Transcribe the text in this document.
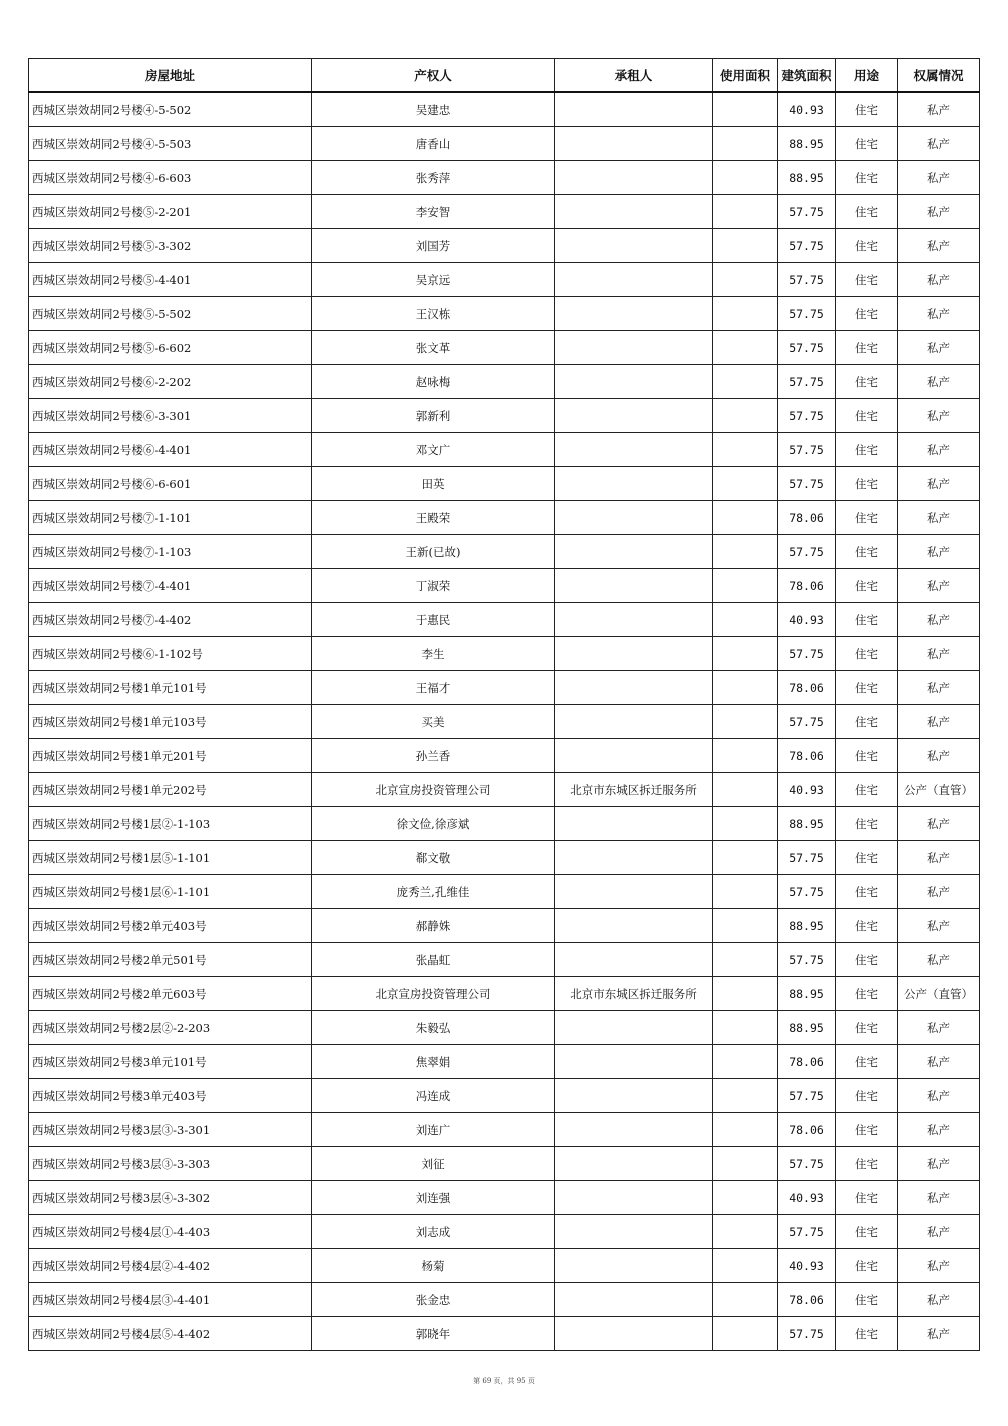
房屋地址	产权人	承租人	使用面积	建筑面积	用途	权属情况
西城区崇效胡同2号楼④-5-502	吴建忠			40.93	住宅	私产
西城区崇效胡同2号楼④-5-503	唐香山			88.95	住宅	私产
西城区崇效胡同2号楼④-6-603	张秀萍			88.95	住宅	私产
西城区崇效胡同2号楼⑤-2-201	李安智			57.75	住宅	私产
西城区崇效胡同2号楼⑤-3-302	刘国芳			57.75	住宅	私产
西城区崇效胡同2号楼⑤-4-401	吴京远			57.75	住宅	私产
西城区崇效胡同2号楼⑤-5-502	王汉栋			57.75	住宅	私产
西城区崇效胡同2号楼⑤-6-602	张文革			57.75	住宅	私产
西城区崇效胡同2号楼⑥-2-202	赵咏梅			57.75	住宅	私产
西城区崇效胡同2号楼⑥-3-301	郭新利			57.75	住宅	私产
西城区崇效胡同2号楼⑥-4-401	邓文广			57.75	住宅	私产
西城区崇效胡同2号楼⑥-6-601	田英			57.75	住宅	私产
西城区崇效胡同2号楼⑦-1-101	王殿荣			78.06	住宅	私产
西城区崇效胡同2号楼⑦-1-103	王新(已故)			57.75	住宅	私产
西城区崇效胡同2号楼⑦-4-401	丁淑荣			78.06	住宅	私产
西城区崇效胡同2号楼⑦-4-402	于惠民			40.93	住宅	私产
西城区崇效胡同2号楼⑥-1-102号	李生			57.75	住宅	私产
西城区崇效胡同2号楼1单元101号	王福才			78.06	住宅	私产
西城区崇效胡同2号楼1单元103号	买美			57.75	住宅	私产
西城区崇效胡同2号楼1单元201号	孙兰香			78.06	住宅	私产
西城区崇效胡同2号楼1单元202号	北京宣房投资管理公司	北京市东城区拆迁服务所		40.93	住宅	公产（直管）
西城区崇效胡同2号楼1层②-1-103	徐文俭,徐彦斌			88.95	住宅	私产
西城区崇效胡同2号楼1层⑤-1-101	郗文敬			57.75	住宅	私产
西城区崇效胡同2号楼1层⑥-1-101	庞秀兰,孔维佳			57.75	住宅	私产
西城区崇效胡同2号楼2单元403号	郝静姝			88.95	住宅	私产
西城区崇效胡同2号楼2单元501号	张晶虹			57.75	住宅	私产
西城区崇效胡同2号楼2单元603号	北京宣房投资管理公司	北京市东城区拆迁服务所		88.95	住宅	公产（直管）
西城区崇效胡同2号楼2层②-2-203	朱毅弘			88.95	住宅	私产
西城区崇效胡同2号楼3单元101号	焦翠娟			78.06	住宅	私产
西城区崇效胡同2号楼3单元403号	冯连成			57.75	住宅	私产
西城区崇效胡同2号楼3层③-3-301	刘连广			78.06	住宅	私产
西城区崇效胡同2号楼3层③-3-303	刘征			57.75	住宅	私产
西城区崇效胡同2号楼3层④-3-302	刘连强			40.93	住宅	私产
西城区崇效胡同2号楼4层①-4-403	刘志成			57.75	住宅	私产
西城区崇效胡同2号楼4层②-4-402	杨菊			40.93	住宅	私产
西城区崇效胡同2号楼4层③-4-401	张金忠			78.06	住宅	私产
西城区崇效胡同2号楼4层⑤-4-402	郭晓年			57.75	住宅	私产
第 69 页，共 95 页
